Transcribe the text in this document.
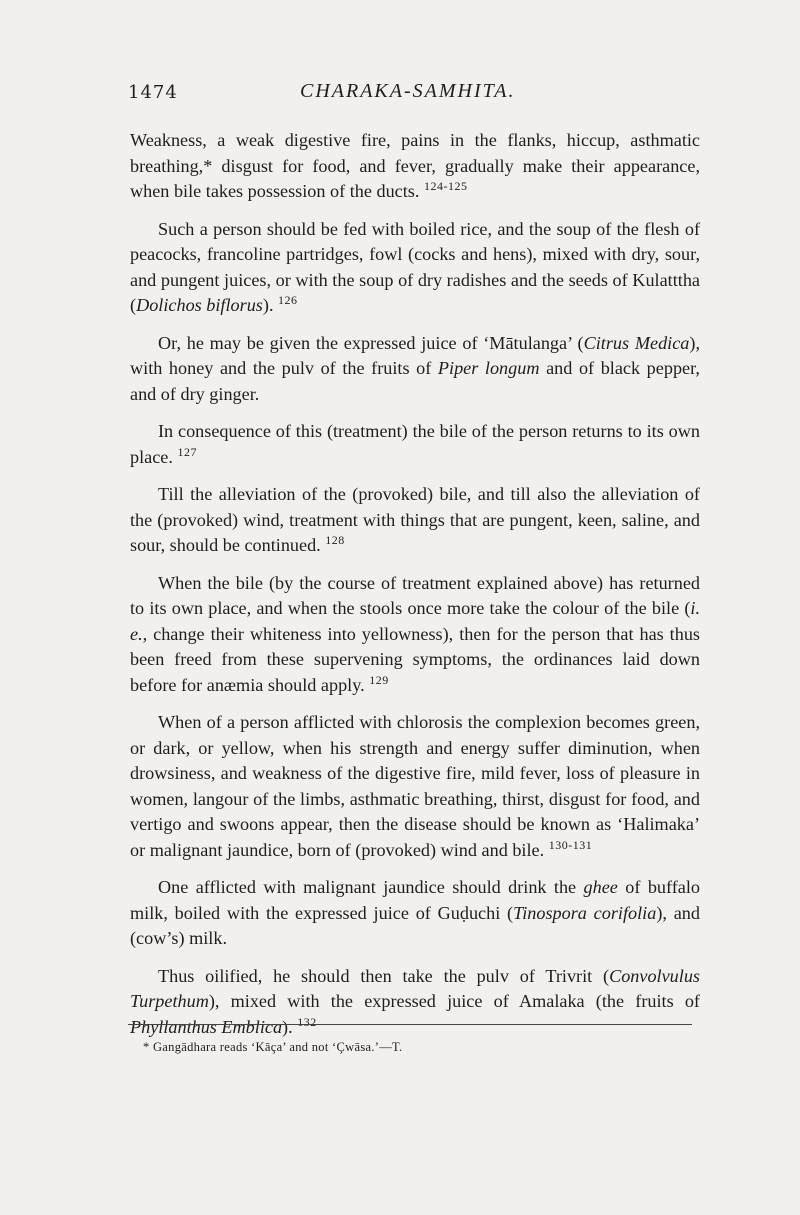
1474	CHARAKA-SAMHITA.

Weakness, a weak digestive fire, pains in the flanks, hiccup, asthmatic breathing,* disgust for food, and fever, gradually make their appearance, when bile takes possession of the ducts. $^{124-125}$

Such a person should be fed with boiled rice, and the soup of the flesh of peacocks, francoline partridges, fowl (cocks and hens), mixed with dry, sour, and pungent juices, or with the soup of dry radishes and the seeds of Kulatttha (Dolichos biflorus). $^{126}$

Or, he may be given the expressed juice of ‘Mātulanga’ (Citrus Medica), with honey and the pulv of the fruits of Piper longum and of black pepper, and of dry ginger.

In consequence of this (treatment) the bile of the person returns to its own place. $^{127}$

Till the alleviation of the (provoked) bile, and till also the alleviation of the (provoked) wind, treatment with things that are pungent, keen, saline, and sour, should be continued. $^{128}$

When the bile (by the course of treatment explained above) has returned to its own place, and when the stools once more take the colour of the bile (i. e., change their whiteness into yellowness), then for the person that has thus been freed from these supervening symptoms, the ordinances laid down before for anæmia should apply. $^{129}$

When of a person afflicted with chlorosis the complexion becomes green, or dark, or yellow, when his strength and energy suffer diminution, when drowsiness, and weakness of the digestive fire, mild fever, loss of pleasure in women, langour of the limbs, asthmatic breathing, thirst, disgust for food, and vertigo and swoons appear, then the disease should be known as ‘Halimaka’ or malignant jaundice, born of (provoked) wind and bile. $^{130-131}$

One afflicted with malignant jaundice should drink the ghee of buffalo milk, boiled with the expressed juice of Guḍuchi (Tinospora corifolia), and (cow’s) milk.

Thus oilified, he should then take the pulv of Trivrit (Convolvulus Turpethum), mixed with the expressed juice of Amalaka (the fruits of Phyllanthus Emblica). $^{132}$

* Gangādhara reads ‘Kāça’ and not ‘Çwāsa.’—T.
